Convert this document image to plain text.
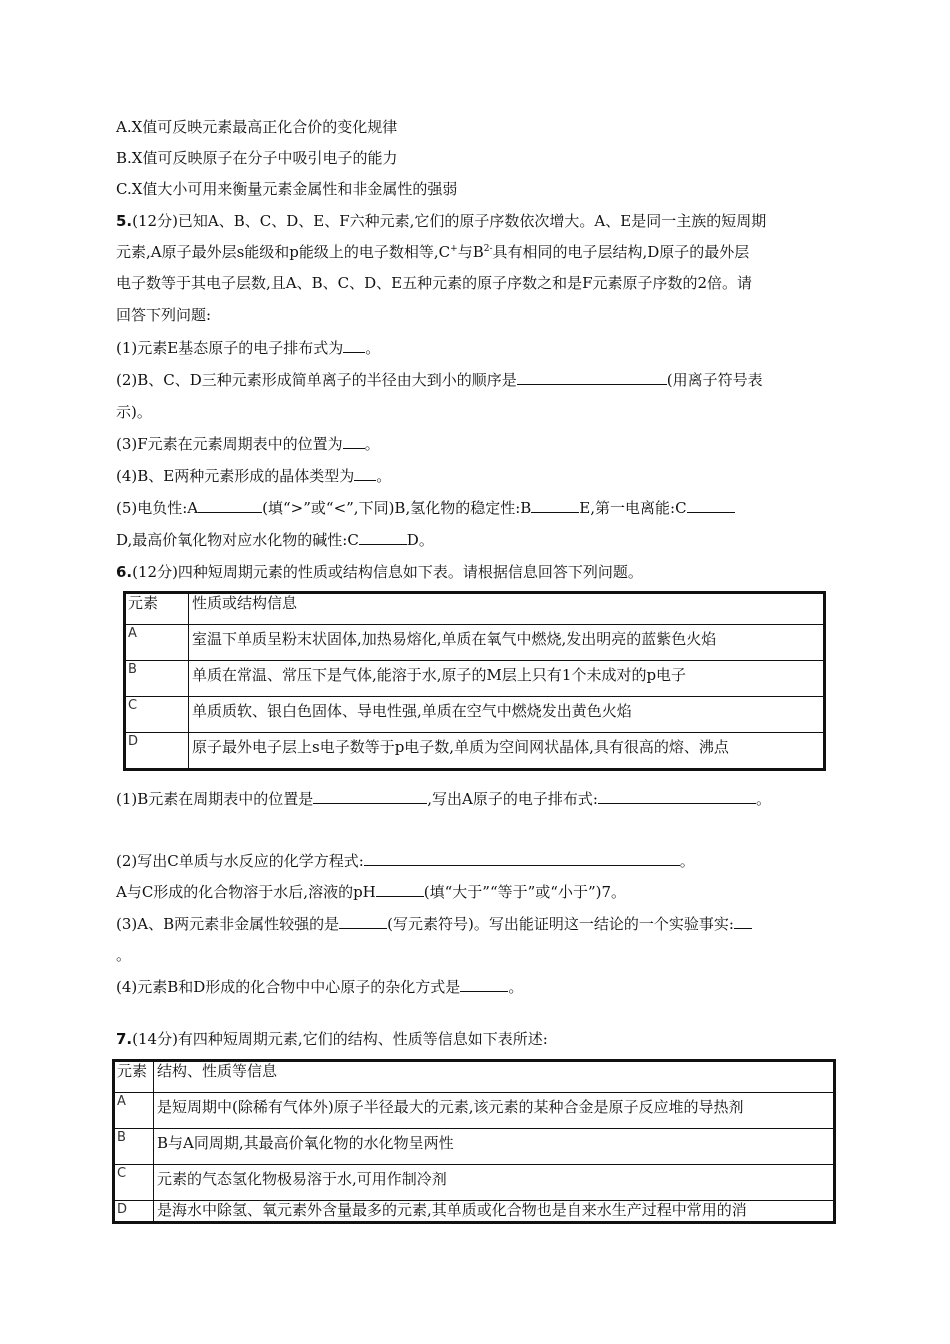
A.X值可反映元素最高正化合价的变化规律
B.X值可反映原子在分子中吸引电子的能力
C.X值大小可用来衡量元素金属性和非金属性的强弱
5.(12分)已知A、B、C、D、E、F六种元素,它们的原子序数依次增大。A、E是同一主族的短周期
元素,A原子最外层s能级和p能级上的电子数相等,C+与$B^{2-}$具有相同的电子层结构,D原子的最外层
电子数等于其电子层数,且A、B、C、D、E五种元素的原子序数之和是F元素原子序数的2倍。请
回答下列问题:
(1)元素E基态原子的电子排布式为 。
(2)B、C、D三种元素形成简单离子的半径由大到小的顺序是	(用离子符号表
示)。
(3)F元素在元素周期表中的位置为 。
(4)B、E两种元素形成的晶体类型为 。
(5)电负性:A	(填“>”或“<”,下同)B,氢化物的稳定性:B	E,第一电离能:C
D,最高价氧化物对应水化物的碱性:C	D。
6.(12分)四种短周期元素的性质或结构信息如下表。请根据信息回答下列问题。
元素	性质或结构信息
A	室温下单质呈粉末状固体,加热易熔化,单质在氧气中燃烧,发出明亮的蓝紫色火焰
B	单质在常温、常压下是气体,能溶于水,原子的M层上只有1个未成对的p电子
C	单质质软、银白色固体、导电性强,单质在空气中燃烧发出黄色火焰
D	原子最外电子层上s电子数等于p电子数,单质为空间网状晶体,具有很高的熔、沸点
(1)B元素在周期表中的位置是	,写出A原子的电子排布式:	。
(2)写出C单质与水反应的化学方程式:	。
A与C形成的化合物溶于水后,溶液的pH	(填“大于”“等于”或“小于”)7。
(3)A、B两元素非金属性较强的是	(写元素符号)。写出能证明这一结论的一个实验事实:
。
(4)元素B和D形成的化合物中中心原子的杂化方式是	。
7.(14分)有四种短周期元素,它们的结构、性质等信息如下表所述:
元素	结构、性质等信息
A	是短周期中(除稀有气体外)原子半径最大的元素,该元素的某种合金是原子反应堆的导热剂
B	B与A同周期,其最高价氧化物的水化物呈两性
C	元素的气态氢化物极易溶于水,可用作制冷剂
D	是海水中除氢、氧元素外含量最多的元素,其单质或化合物也是自来水生产过程中常用的消
